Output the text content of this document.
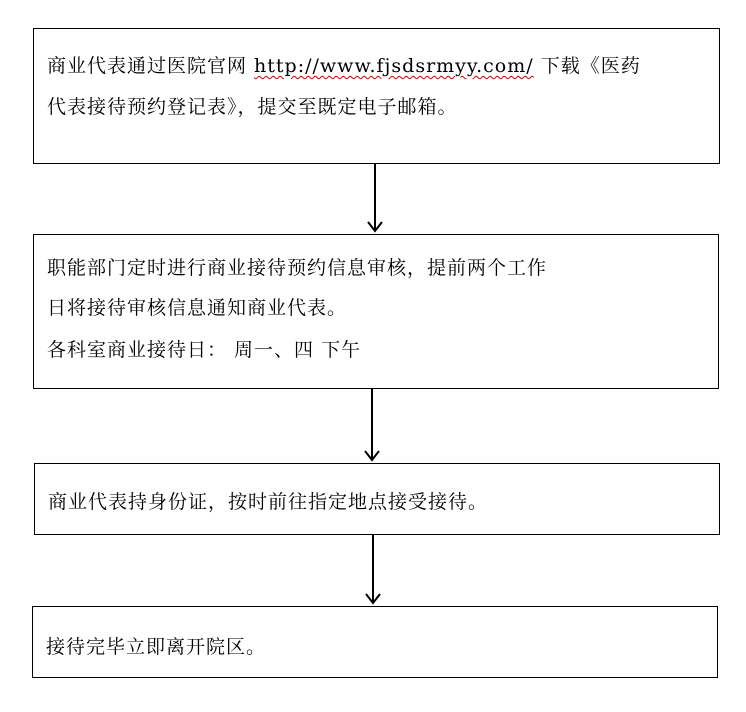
商业代表通过医院官网 http://www.fjsdsrmyy.com/ 下载《医药
代表接待预约登记表》，提交至既定电子邮箱。
职能部门定时进行商业接待预约信息审核，提前两个工作
日将接待审核信息通知商业代表。
各科室商业接待日： 周一、四 下午
商业代表持身份证，按时前往指定地点接受接待。
接待完毕立即离开院区。
